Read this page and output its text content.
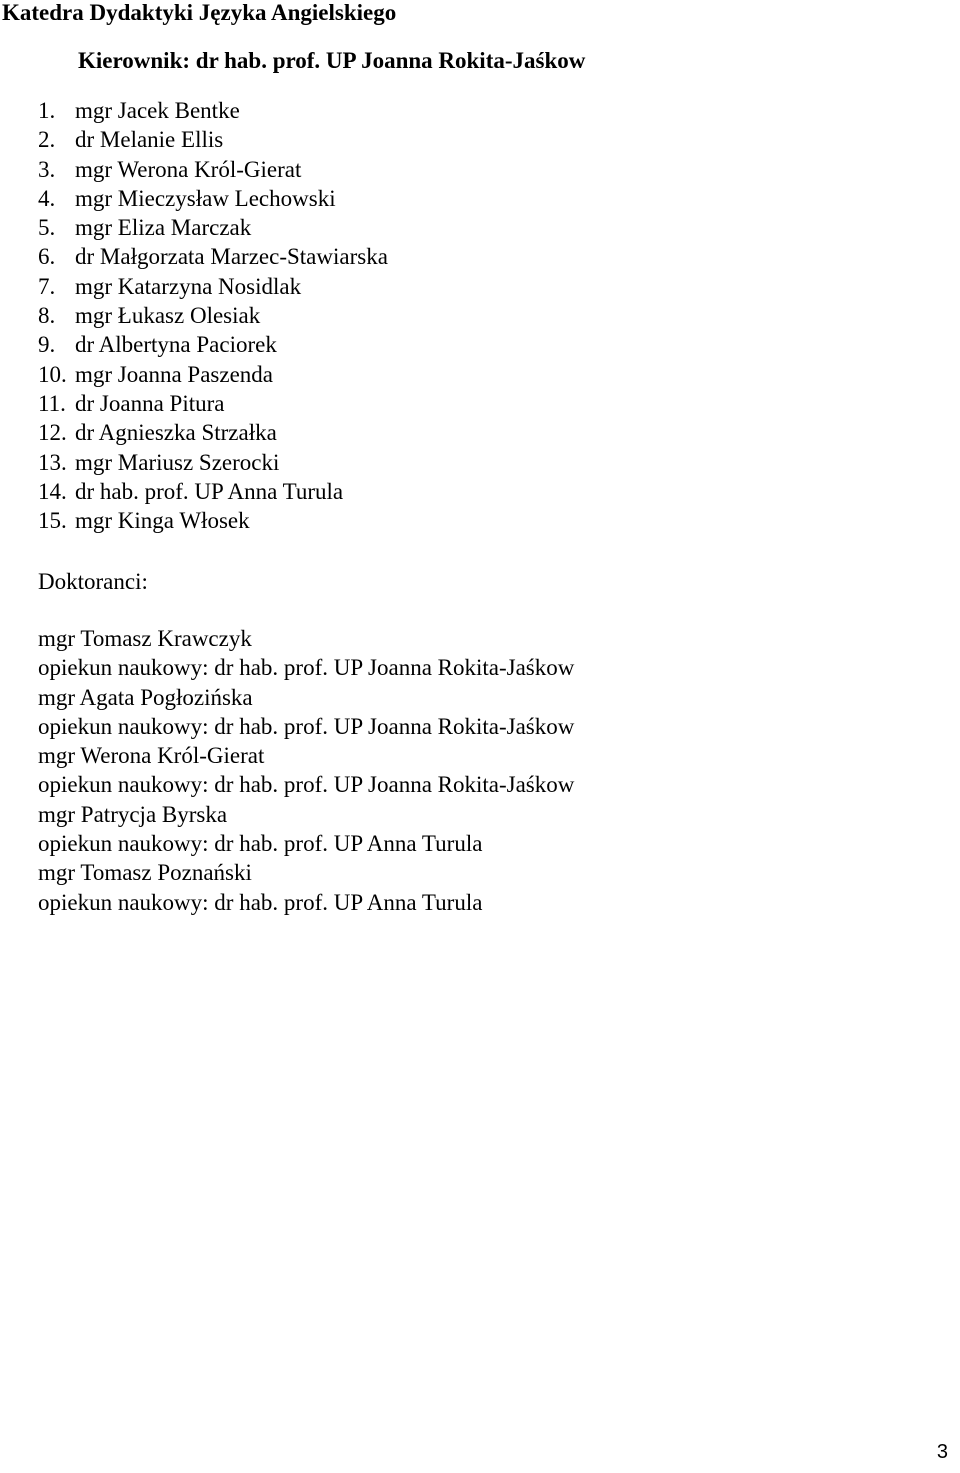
Katedra Dydaktyki Języka Angielskiego
Kierownik: dr hab. prof. UP Joanna Rokita-Jaśkow
1. mgr Jacek Bentke
2. dr Melanie Ellis
3. mgr Werona Król-Gierat
4. mgr Mieczysław Lechowski
5. mgr Eliza Marczak
6. dr Małgorzata Marzec-Stawiarska
7. mgr Katarzyna Nosidlak
8. mgr Łukasz Olesiak
9. dr Albertyna Paciorek
10. mgr Joanna Paszenda
11. dr Joanna Pitura
12. dr Agnieszka Strzałka
13. mgr Mariusz Szerocki
14. dr hab. prof. UP Anna Turula
15. mgr Kinga Włosek
Doktoranci:
mgr Tomasz Krawczyk
opiekun naukowy: dr hab. prof. UP Joanna Rokita-Jaśkow
mgr Agata Pogłozińska
opiekun naukowy: dr hab. prof. UP Joanna Rokita-Jaśkow
mgr Werona Król-Gierat
opiekun naukowy: dr hab. prof. UP Joanna Rokita-Jaśkow
mgr Patrycja Byrska
opiekun naukowy: dr hab. prof. UP Anna Turula
mgr Tomasz Poznański
opiekun naukowy: dr hab. prof. UP Anna Turula
3
